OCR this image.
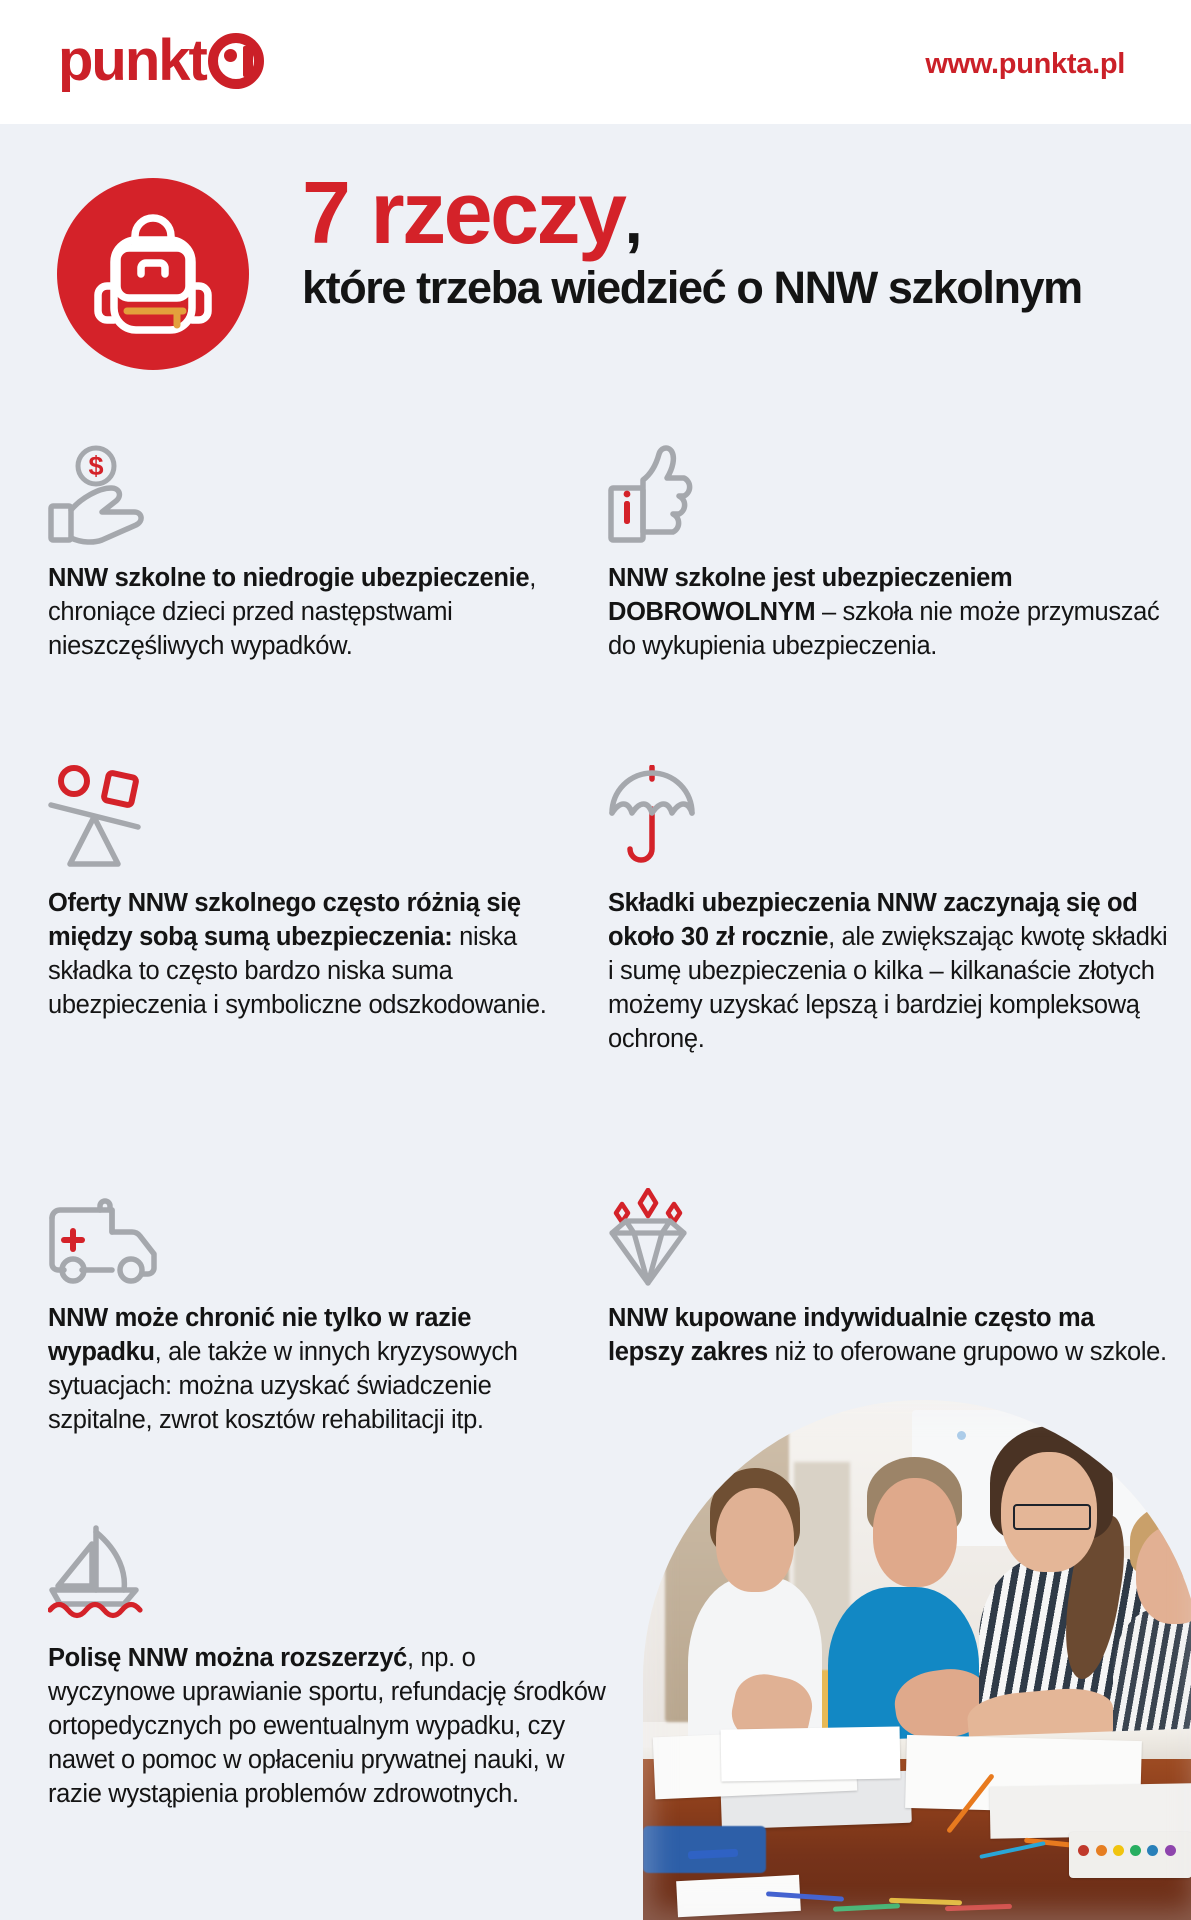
punkt	www.punkta.pl
7 rzeczy,
które trzeba wiedzieć o NNW szkolnym
$
NNW szkolne to niedrogie ubezpieczenie, chroniące dzieci przed następstwami nieszczęśliwych wypadków.
NNW szkolne jest ubezpieczeniem DOBROWOLNYM – szkoła nie może przymuszać do wykupienia ubezpieczenia.
Oferty NNW szkolnego często różnią się między sobą sumą ubezpieczenia: niska składka to często bardzo niska suma ubezpieczenia i symboliczne odszkodowanie.
Składki ubezpieczenia NNW zaczynają się od około 30 zł rocznie, ale zwiększając kwotę składki i sumę ubezpieczenia o kilka – kilkanaście złotych możemy uzyskać lepszą i bardziej kompleksową ochronę.
NNW może chronić nie tylko w razie wypadku, ale także w innych kryzysowych sytuacjach: można uzyskać świadczenie szpitalne, zwrot kosztów rehabilitacji itp.
NNW kupowane indywidualnie często ma lepszy zakres niż to oferowane grupowo w szkole.
Polisę NNW można rozszerzyć, np. o wyczynowe uprawianie sportu, refundację środków ortopedycznych po ewentualnym wypadku, czy nawet o pomoc w opłaceniu prywatnej nauki, w razie wystąpienia problemów zdrowotnych.
